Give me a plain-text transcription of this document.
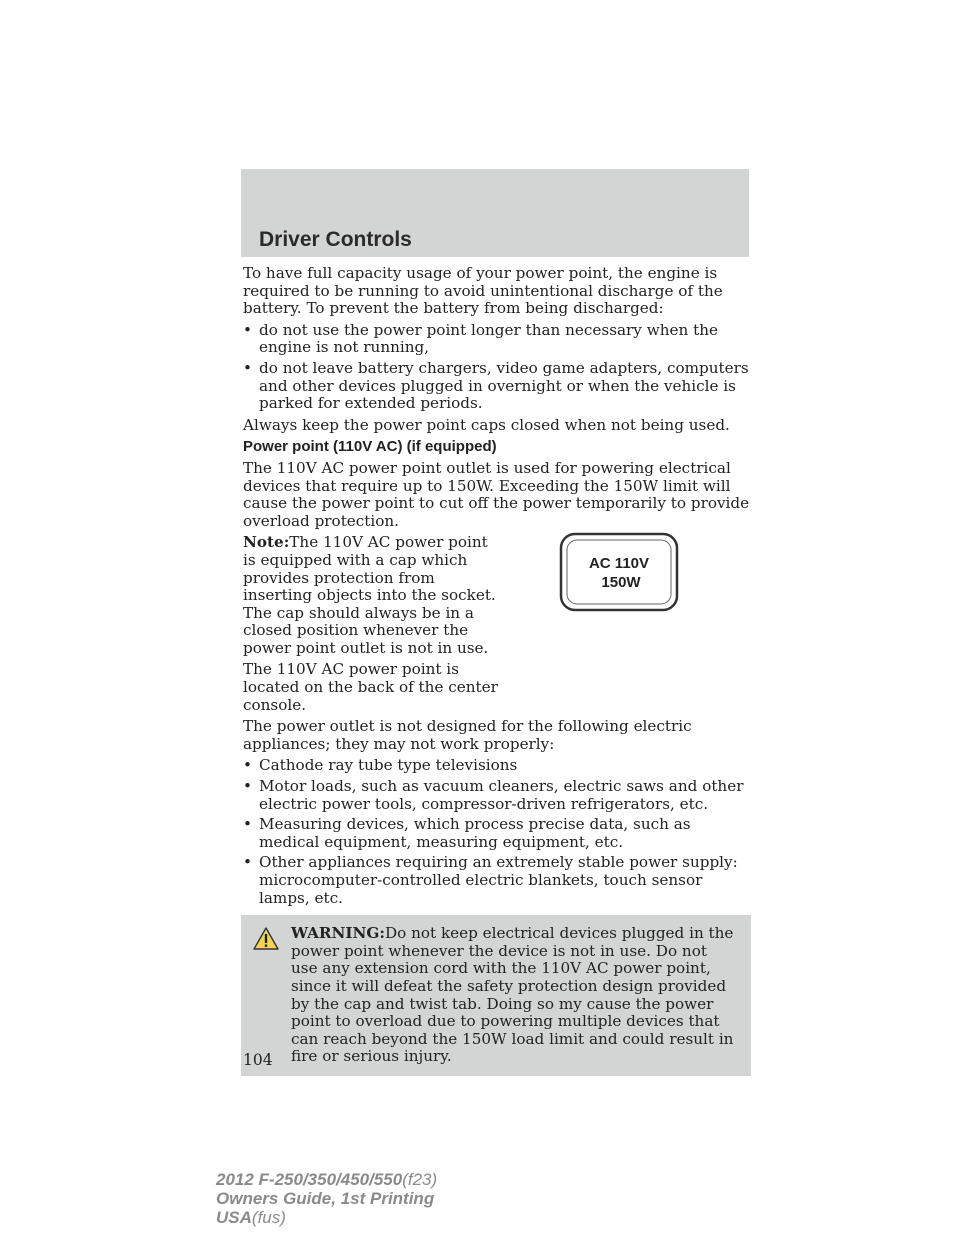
Driver Controls

To have full capacity usage of your power point, the engine is required to be running to avoid unintentional discharge of the battery. To prevent the battery from being discharged:

• do not use the power point longer than necessary when the engine is not running,
• do not leave battery chargers, video game adapters, computers and other devices plugged in overnight or when the vehicle is parked for extended periods.

Always keep the power point caps closed when not being used.

Power point (110V AC) (if equipped)

The 110V AC power point outlet is used for powering electrical devices that require up to 150W. Exceeding the 150W limit will cause the power point to cut off the power temporarily to provide overload protection.

Note:The 110V AC power point is equipped with a cap which provides protection from inserting objects into the socket. The cap should always be in a closed position whenever the power point outlet is not in use.

The 110V AC power point is located on the back of the center console.

AC 110V
150W

The power outlet is not designed for the following electric appliances; they may not work properly:

• Cathode ray tube type televisions
• Motor loads, such as vacuum cleaners, electric saws and other electric power tools, compressor-driven refrigerators, etc.
• Measuring devices, which process precise data, such as medical equipment, measuring equipment, etc.
• Other appliances requiring an extremely stable power supply: microcomputer-controlled electric blankets, touch sensor lamps, etc.

WARNING:Do not keep electrical devices plugged in the power point whenever the device is not in use. Do not use any extension cord with the 110V AC power point, since it will defeat the safety protection design provided by the cap and twist tab. Doing so my cause the power point to overload due to powering multiple devices that can reach beyond the 150W load limit and could result in fire or serious injury.

104
2012 F-250/350/450/550(f23)
Owners Guide, 1st Printing
USA(fus)
